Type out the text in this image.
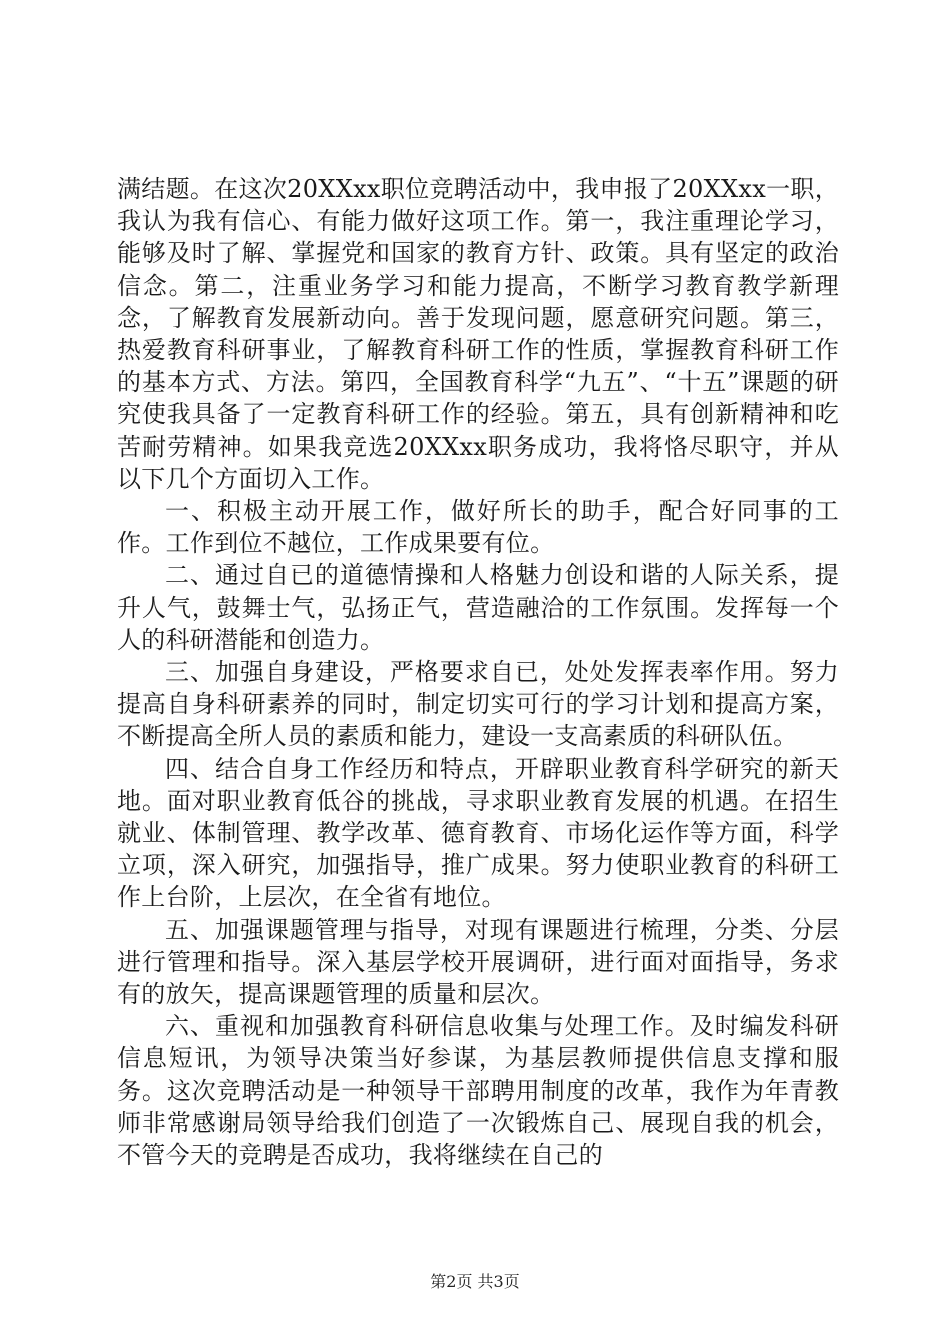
满结题。在这次20XXxx职位竞聘活动中，我申报了20XXxx一职，我认为我有信心、有能力做好这项工作。第一，我注重理论学习，能够及时了解、掌握党和国家的教育方针、政策。具有坚定的政治信念。第二，注重业务学习和能力提高，不断学习教育教学新理念，了解教育发展新动向。善于发现问题，愿意研究问题。第三，热爱教育科研事业，了解教育科研工作的性质，掌握教育科研工作的基本方式、方法。第四，全国教育科学“九五”、“十五”课题的研究使我具备了一定教育科研工作的经验。第五，具有创新精神和吃苦耐劳精神。如果我竞选20XXxx职务成功，我将恪尽职守，并从以下几个方面切入工作。

一、积极主动开展工作，做好所长的助手，配合好同事的工作。工作到位不越位，工作成果要有位。

二、通过自已的道德情操和人格魅力创设和谐的人际关系，提升人气，鼓舞士气，弘扬正气，营造融洽的工作氛围。发挥每一个人的科研潜能和创造力。

三、加强自身建设，严格要求自已，处处发挥表率作用。努力提高自身科研素养的同时，制定切实可行的学习计划和提高方案，不断提高全所人员的素质和能力，建设一支高素质的科研队伍。

四、结合自身工作经历和特点，开辟职业教育科学研究的新天地。面对职业教育低谷的挑战，寻求职业教育发展的机遇。在招生就业、体制管理、教学改革、德育教育、市场化运作等方面，科学立项，深入研究，加强指导，推广成果。努力使职业教育的科研工作上台阶，上层次，在全省有地位。

五、加强课题管理与指导，对现有课题进行梳理，分类、分层进行管理和指导。深入基层学校开展调研，进行面对面指导，务求有的放矢，提高课题管理的质量和层次。

六、重视和加强教育科研信息收集与处理工作。及时编发科研信息短讯，为领导决策当好参谋，为基层教师提供信息支撑和服务。这次竞聘活动是一种领导干部聘用制度的改革，我作为年青教师非常感谢局领导给我们创造了一次锻炼自己、展现自我的机会，不管今天的竞聘是否成功，我将继续在自己的

第2页 共3页
